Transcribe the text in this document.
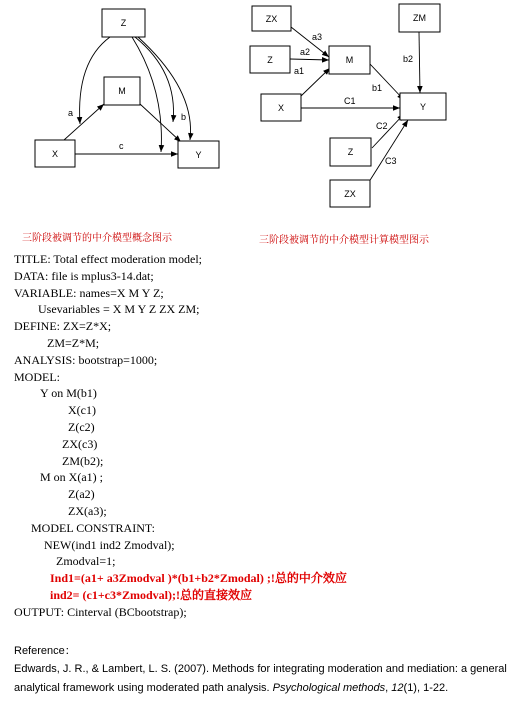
Z
M
X	Y
a	b
c
ZX
Z	M
ZM
X	Y
Z
ZX
a3
a2
a1
b2
b1
C1
C2
C3
三阶段被调节的中介模型概念图示	三阶段被调节的中介模型计算模型图示
TITLE: Total effect moderation model;
DATA: file is mplus3-14.dat;
VARIABLE: names=X M Y Z;
Usevariables = X M Y Z ZX ZM;
DEFINE: ZX=Z*X;
ZM=Z*M;
ANALYSIS: bootstrap=1000;
MODEL:
Y on M(b1)
X(c1)
Z(c2)
ZX(c3)
ZM(b2);
M on X(a1) ;
Z(a2)
ZX(a3);
MODEL CONSTRAINT:
NEW(ind1 ind2 Zmodval);
Zmodval=1;
Ind1=(a1+ a3Zmodval )*(b1+b2*Zmodal) ;!总的中介效应
ind2= (c1+c3*Zmodval);!总的直接效应
OUTPUT: Cinterval (BCbootstrap);
Reference：
Edwards, J. R., & Lambert, L. S. (2007). Methods for integrating moderation and mediation: a general analytical framework using moderated path analysis. Psychological methods, 12(1), 1-22.
